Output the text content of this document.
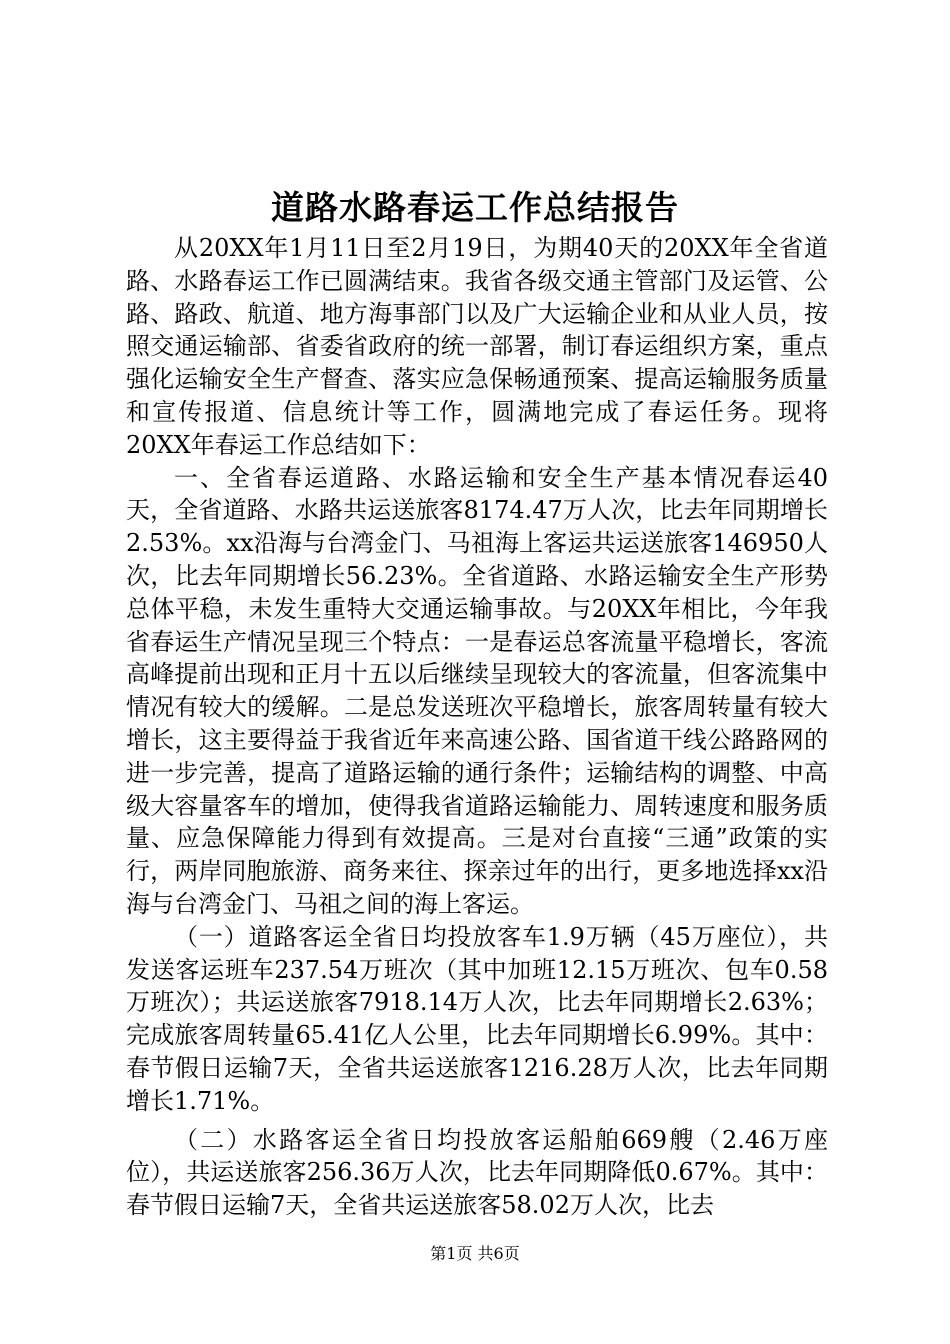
道路水路春运工作总结报告

从20XX年1月11日至2月19日，为期40天的20XX年全省道路、水路春运工作已圆满结束。我省各级交通主管部门及运管、公路、路政、航道、地方海事部门以及广大运输企业和从业人员，按照交通运输部、省委省政府的统一部署，制订春运组织方案，重点强化运输安全生产督查、落实应急保畅通预案、提高运输服务质量和宣传报道、信息统计等工作，圆满地完成了春运任务。现将20XX年春运工作总结如下：

一、全省春运道路、水路运输和安全生产基本情况春运40天，全省道路、水路共运送旅客8174.47万人次，比去年同期增长2.53%。xx沿海与台湾金门、马祖海上客运共运送旅客146950人次，比去年同期增长56.23%。全省道路、水路运输安全生产形势总体平稳，未发生重特大交通运输事故。与20XX年相比，今年我省春运生产情况呈现三个特点：一是春运总客流量平稳增长，客流高峰提前出现和正月十五以后继续呈现较大的客流量，但客流集中情况有较大的缓解。二是总发送班次平稳增长，旅客周转量有较大增长，这主要得益于我省近年来高速公路、国省道干线公路路网的进一步完善，提高了道路运输的通行条件；运输结构的调整、中高级大容量客车的增加，使得我省道路运输能力、周转速度和服务质量、应急保障能力得到有效提高。三是对台直接“三通”政策的实行，两岸同胞旅游、商务来往、探亲过年的出行，更多地选择xx沿海与台湾金门、马祖之间的海上客运。

（一）道路客运全省日均投放客车1.9万辆（45万座位），共发送客运班车237.54万班次（其中加班12.15万班次、包车0.58万班次）；共运送旅客7918.14万人次，比去年同期增长2.63%；完成旅客周转量65.41亿人公里，比去年同期增长6.99%。其中：春节假日运输7天，全省共运送旅客1216.28万人次，比去年同期增长1.71%。

（二）水路客运全省日均投放客运船舶669艘（2.46万座位），共运送旅客256.36万人次，比去年同期降低0.67%。其中：春节假日运输7天，全省共运送旅客58.02万人次，比去

第1页 共6页
